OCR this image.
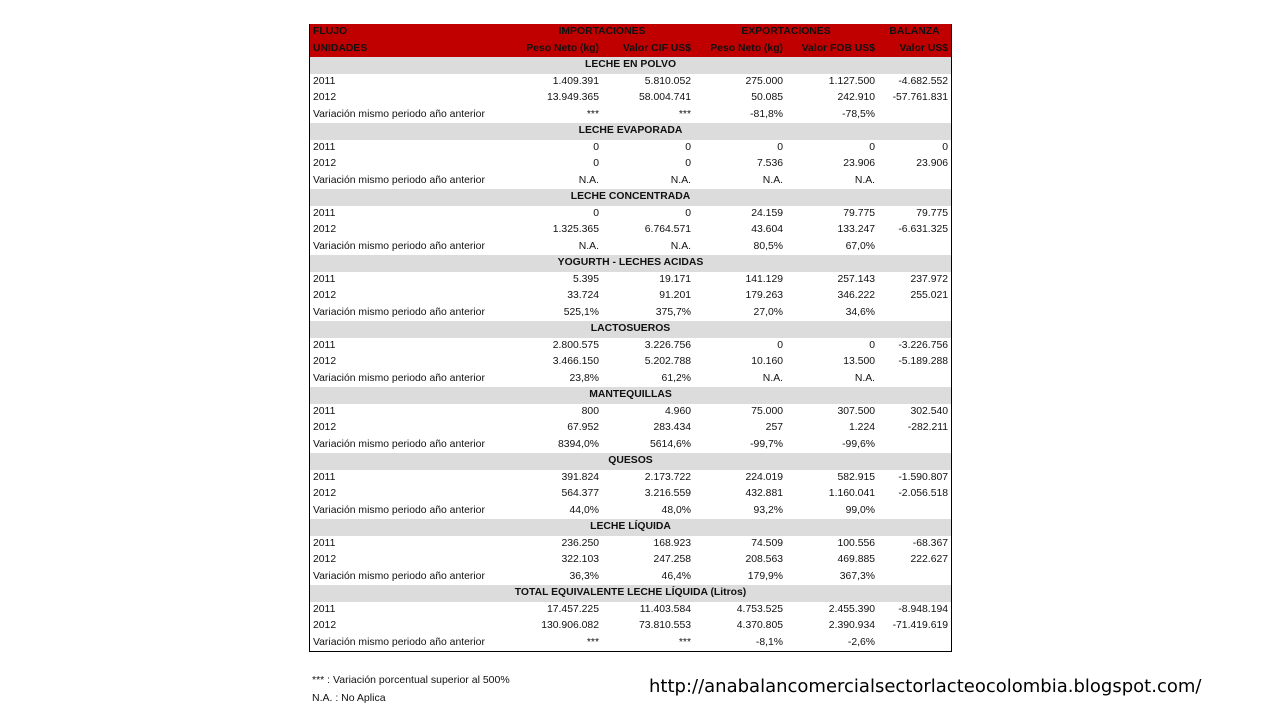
FLUJO	IMPORTACIONES		EXPORTACIONES		BALANZA
UNIDADES	Peso Neto (kg)	Valor CIF US$	Peso Neto (kg)	Valor FOB US$	Valor US$
LECHE EN POLVO					
2011	1.409.391	5.810.052	275.000	1.127.500	-4.682.552
2012	13.949.365	58.004.741	50.085	242.910	-57.761.831
Variación mismo periodo año anterior	***	***	-81,8%	-78,5%	
LECHE EVAPORADA					
2011	0	0	0	0	0
2012	0	0	7.536	23.906	23.906
Variación mismo periodo año anterior	N.A.	N.A.	N.A.	N.A.	
LECHE CONCENTRADA					
2011	0	0	24.159	79.775	79.775
2012	1.325.365	6.764.571	43.604	133.247	-6.631.325
Variación mismo periodo año anterior	N.A.	N.A.	80,5%	67,0%	
YOGURTH - LECHES ACIDAS					
2011	5.395	19.171	141.129	257.143	237.972
2012	33.724	91.201	179.263	346.222	255.021
Variación mismo periodo año anterior	525,1%	375,7%	27,0%	34,6%	
LACTOSUEROS					
2011	2.800.575	3.226.756	0	0	-3.226.756
2012	3.466.150	5.202.788	10.160	13.500	-5.189.288
Variación mismo periodo año anterior	23,8%	61,2%	N.A.	N.A.	
MANTEQUILLAS					
2011	800	4.960	75.000	307.500	302.540
2012	67.952	283.434	257	1.224	-282.211
Variación mismo periodo año anterior	8394,0%	5614,6%	-99,7%	-99,6%	
QUESOS					
2011	391.824	2.173.722	224.019	582.915	-1.590.807
2012	564.377	3.216.559	432.881	1.160.041	-2.056.518
Variación mismo periodo año anterior	44,0%	48,0%	93,2%	99,0%	
LECHE LÍQUIDA					
2011	236.250	168.923	74.509	100.556	-68.367
2012	322.103	247.258	208.563	469.885	222.627
Variación mismo periodo año anterior	36,3%	46,4%	179,9%	367,3%	
TOTAL EQUIVALENTE LECHE LÍQUIDA (Litros)					
2011	17.457.225	11.403.584	4.753.525	2.455.390	-8.948.194
2012	130.906.082	73.810.553	4.370.805	2.390.934	-71.419.619
Variación mismo periodo año anterior	***	***	-8,1%	-2,6%	
*** : Variación porcentual superior al 500%
N.A. : No Aplica
http://anabalancomercialsectorlacteocolombia.blogspot.com/
